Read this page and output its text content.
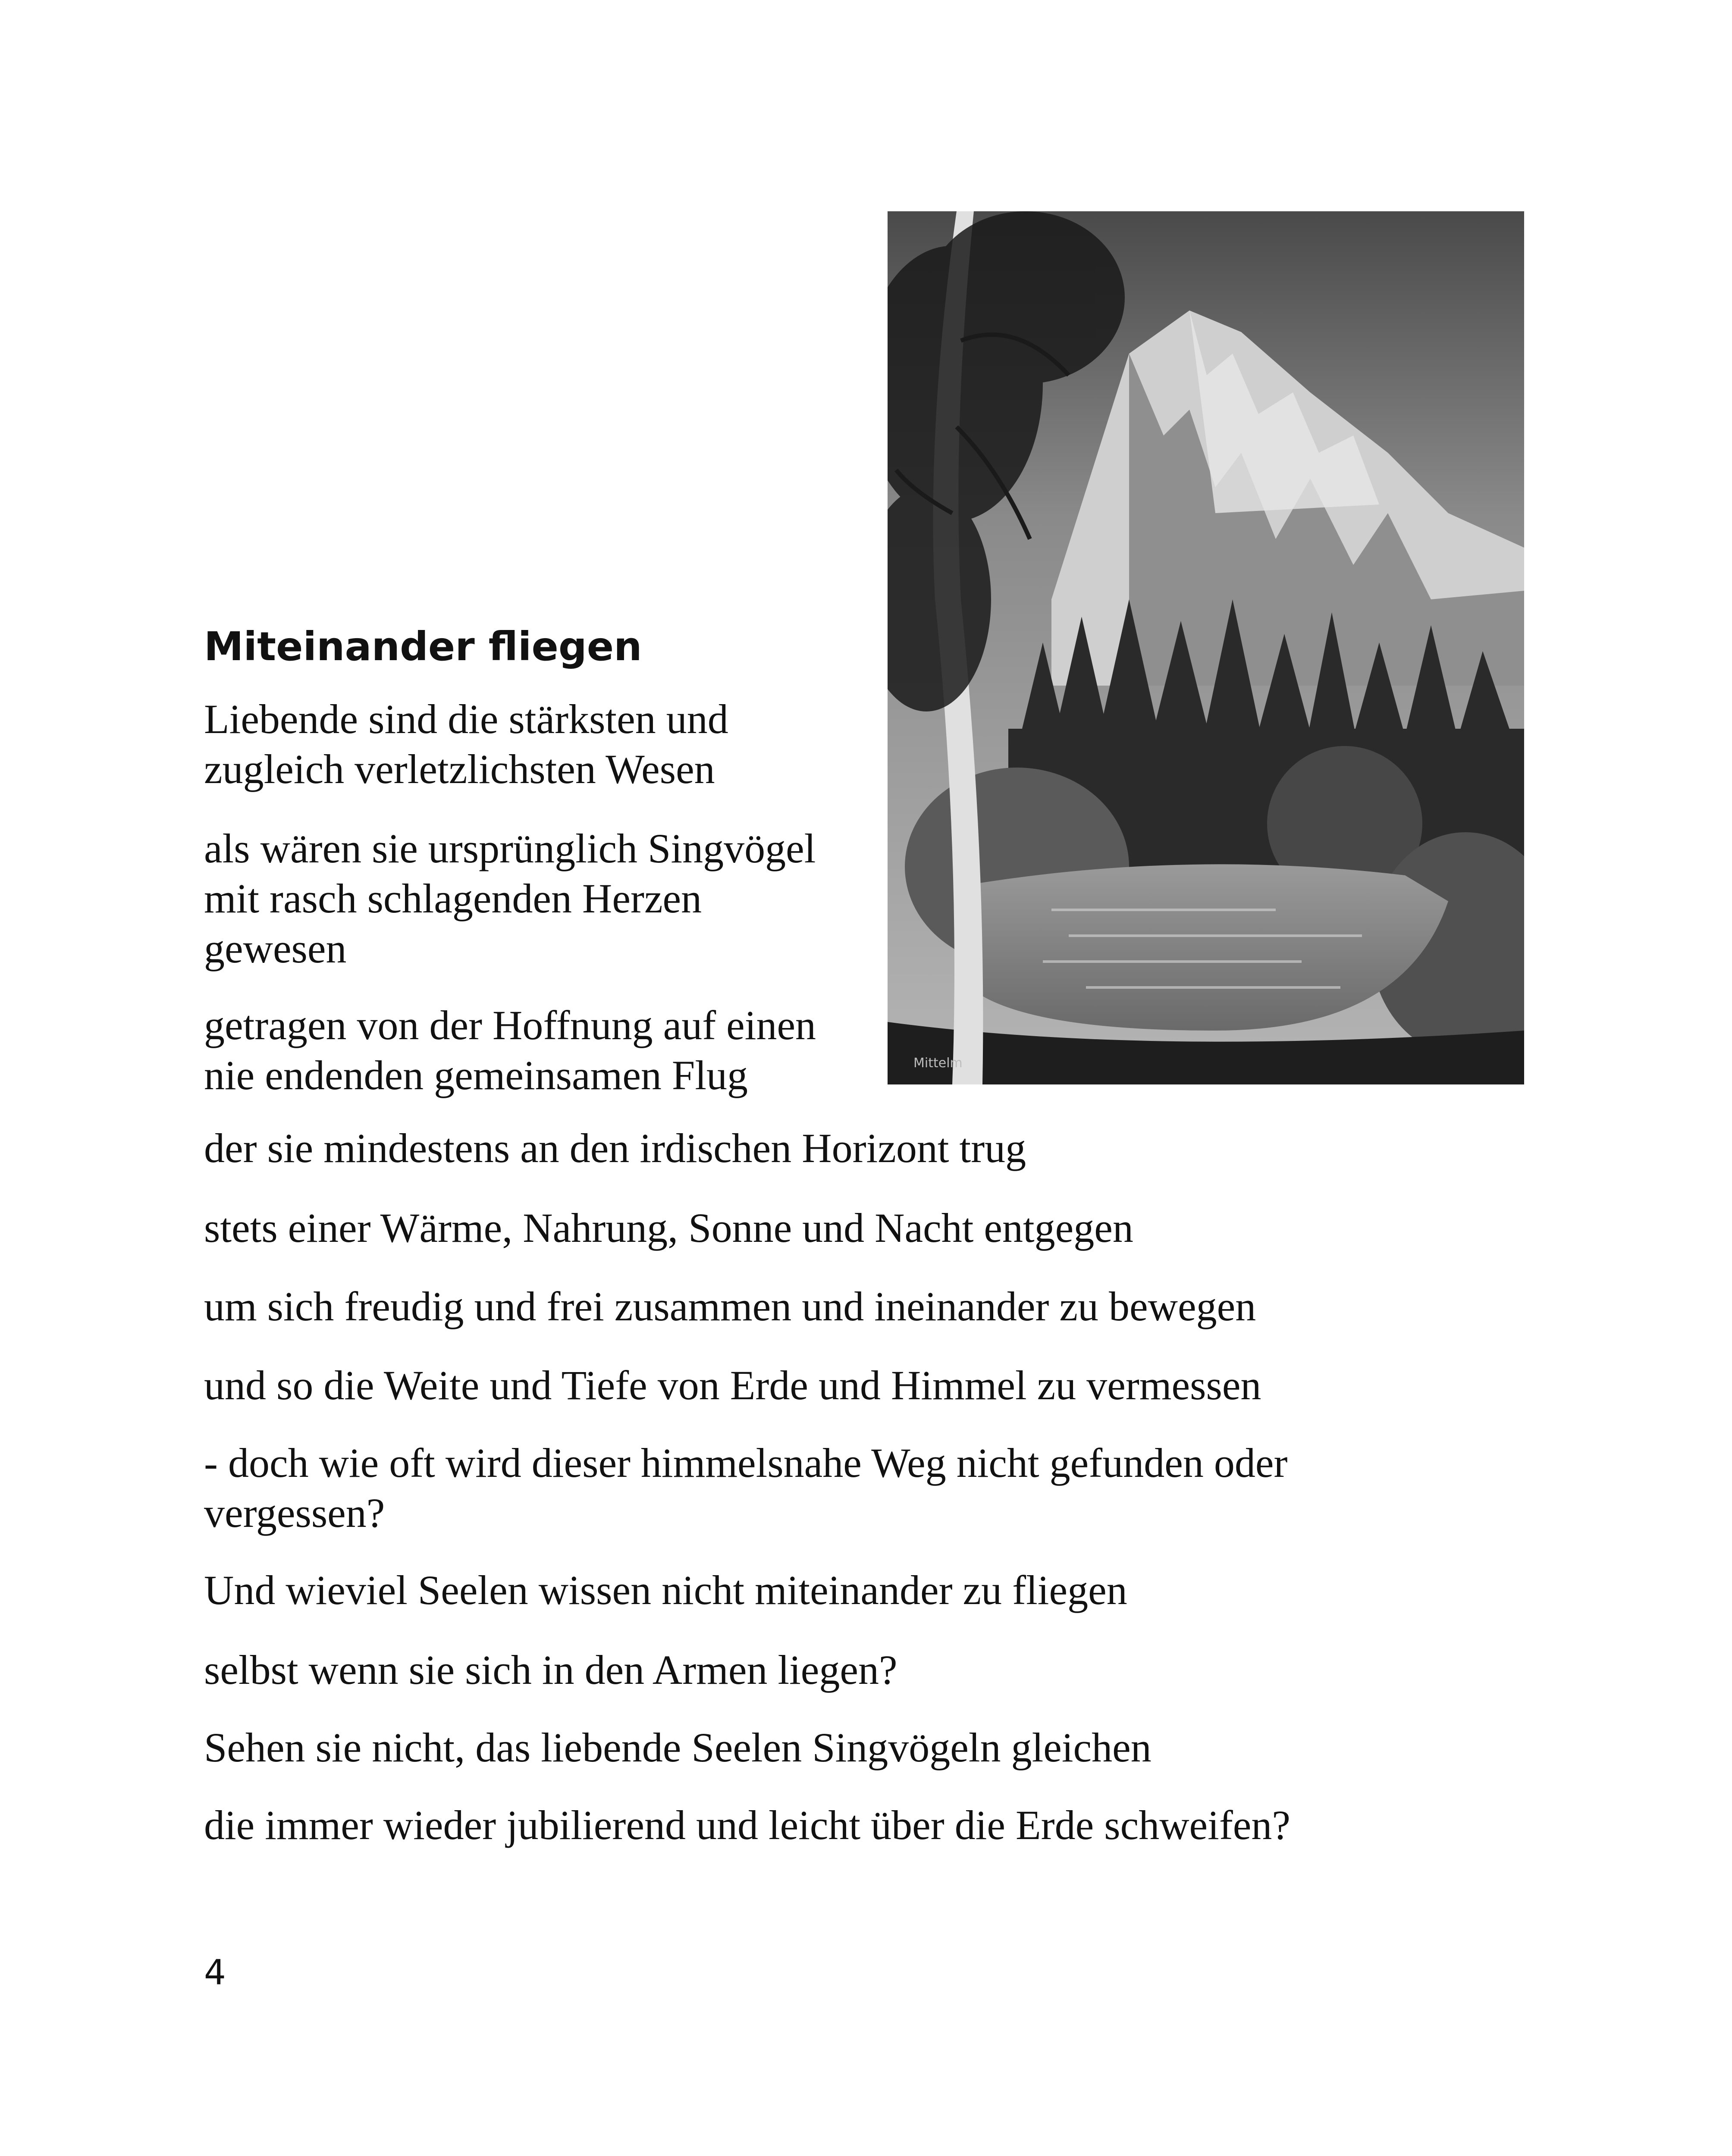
Mittelm
Miteinander fliegen
Liebende sind die stärksten und
zugleich verletzlichsten Wesen
als wären sie ursprünglich Singvögel
mit rasch schlagenden Herzen
gewesen
getragen von der Hoffnung auf einen
nie endenden gemeinsamen Flug
der sie mindestens an den irdischen Horizont trug
stets einer Wärme, Nahrung, Sonne und Nacht entgegen
um sich freudig und frei zusammen und ineinander zu bewegen
und so die Weite und Tiefe von Erde und Himmel zu vermessen
- doch wie oft wird dieser himmelsnahe Weg nicht gefunden oder
vergessen?
Und wieviel Seelen wissen nicht miteinander zu fliegen
selbst wenn sie sich in den Armen liegen?
Sehen sie nicht, das liebende Seelen Singvögeln gleichen
die immer wieder jubilierend und leicht über die Erde schweifen?
4
